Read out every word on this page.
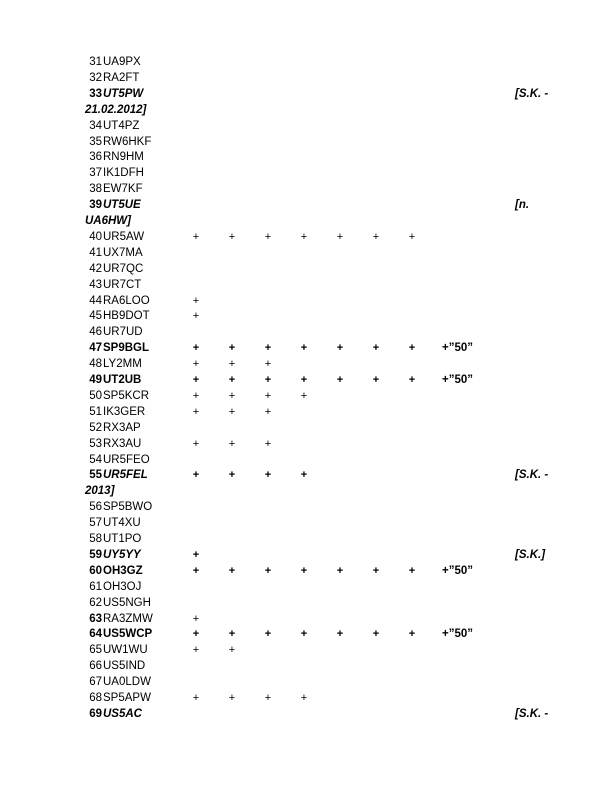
31 UA9PX
32 RA2FT
33 UT5PW	[S.K. -
21.02.2012]
34 UT4PZ
35 RW6HKF
36 RN9HM
37 IK1DFH
38 EW7KF
39 UT5UE	[n.
UA6HW]
40 UR5AW	+	+	+	+	+	+	+
41 UX7MA
42 UR7QC
43 UR7CT
44 RA6LOO	+
45 HB9DOT	+
46 UR7UD
47 SP9BGL	+	+	+	+	+	+	+ +”50”
48 LY2MM	+	+	+
49 UT2UB	+	+	+	+	+	+	+ +”50”
50 SP5KCR	+	+	+	+
51 IK3GER	+	+	+
52 RX3AP
53 RX3AU	+	+	+
54 UR5FEO
55 UR5FEL	+	+	+	+	[S.K. -
2013]
56 SP5BWO
57 UT4XU
58 UT1PO
59 UY5YY	+	[S.K.]
60 OH3GZ	+	+	+	+	+	+	+ +”50”
61 OH3OJ
62 US5NGH
63 RA3ZMW	+
64 US5WCP	+	+	+	+	+	+	+ +”50”
65 UW1WU	+	+
66 US5IND
67 UA0LDW
68 SP5APW	+	+	+	+
69 US5AC	[S.K. -
